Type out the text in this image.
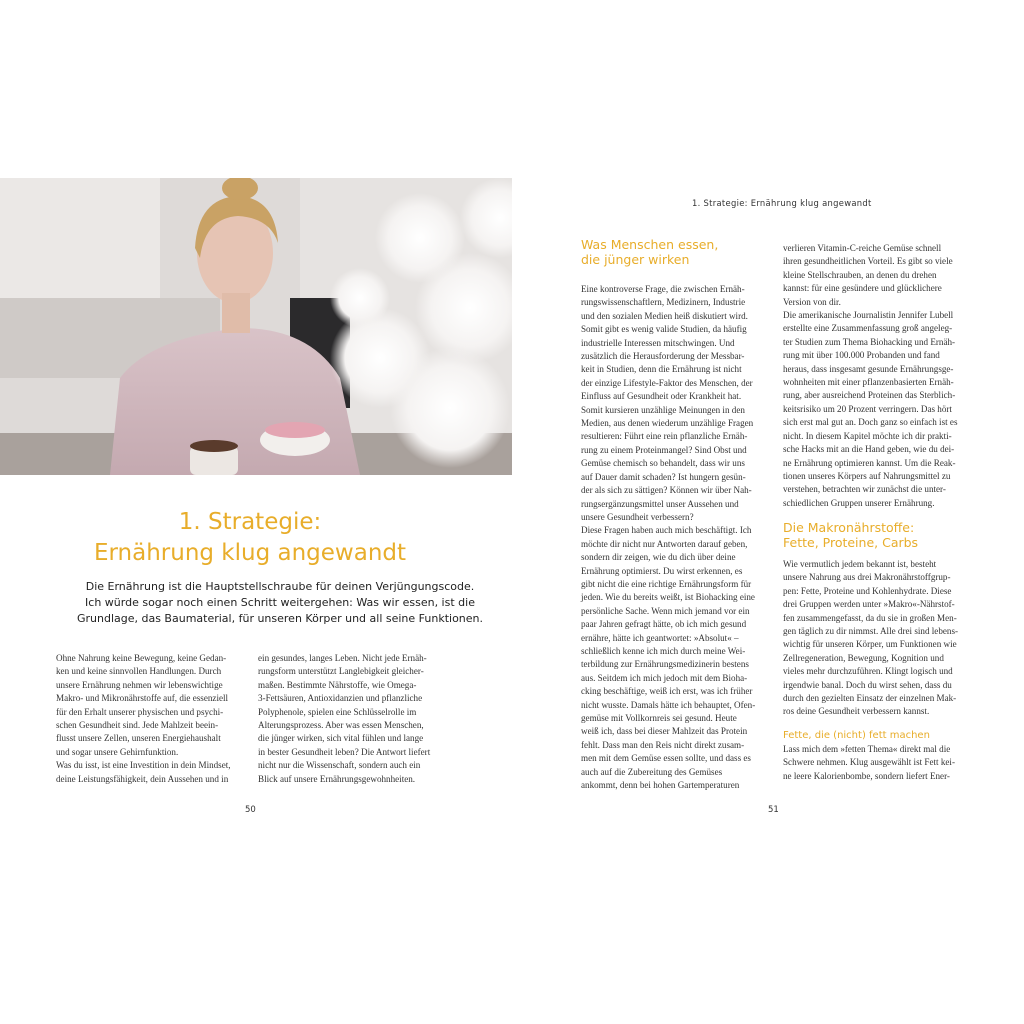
1. Strategie:
Ernährung klug angewandt
Die Ernährung ist die Hauptstellschraube für deinen Verjüngungscode.
Ich würde sogar noch einen Schritt weitergehen: Was wir essen, ist die
Grundlage, das Baumaterial, für unseren Körper und all seine Funktionen.
Ohne Nahrung keine Bewegung, keine Gedan-
ken und keine sinnvollen Handlungen. Durch
unsere Ernährung nehmen wir lebenswichtige
Makro- und Mikronährstoffe auf, die essenziell
für den Erhalt unserer physischen und psychi-
schen Gesundheit sind. Jede Mahlzeit beein-
flusst unsere Zellen, unseren Energiehaushalt
und sogar unsere Gehirnfunktion.
Was du isst, ist eine Investition in dein Mindset,
deine Leistungsfähigkeit, dein Aussehen und in
ein gesundes, langes Leben. Nicht jede Ernäh-
rungsform unterstützt Langlebigkeit gleicher-
maßen. Bestimmte Nährstoffe, wie Omega-
3-Fettsäuren, Antioxidanzien und pflanzliche
Polyphenole, spielen eine Schlüsselrolle im
Alterungsprozess. Aber was essen Menschen,
die jünger wirken, sich vital fühlen und lange
in bester Gesundheit leben? Die Antwort liefert
nicht nur die Wissenschaft, sondern auch ein
Blick auf unsere Ernährungsgewohnheiten.
50
1. Strategie: Ernährung klug angewandt
Was Menschen essen,
die jünger wirken
Eine kontroverse Frage, die zwischen Ernäh-
rungswissenschaftlern, Medizinern, Industrie
und den sozialen Medien heiß diskutiert wird.
Somit gibt es wenig valide Studien, da häufig
industrielle Interessen mitschwingen. Und
zusätzlich die Herausforderung der Messbar-
keit in Studien, denn die Ernährung ist nicht
der einzige Lifestyle-Faktor des Menschen, der
Einfluss auf Gesundheit oder Krankheit hat.
Somit kursieren unzählige Meinungen in den
Medien, aus denen wiederum unzählige Fragen
resultieren: Führt eine rein pflanzliche Ernäh-
rung zu einem Proteinmangel? Sind Obst und
Gemüse chemisch so behandelt, dass wir uns
auf Dauer damit schaden? Ist hungern gesün-
der als sich zu sättigen? Können wir über Nah-
rungsergänzungsmittel unser Aussehen und
unsere Gesundheit verbessern?
Diese Fragen haben auch mich beschäftigt. Ich
möchte dir nicht nur Antworten darauf geben,
sondern dir zeigen, wie du dich über deine
Ernährung optimierst. Du wirst erkennen, es
gibt nicht die eine richtige Ernährungsform für
jeden. Wie du bereits weißt, ist Biohacking eine
persönliche Sache. Wenn mich jemand vor ein
paar Jahren gefragt hätte, ob ich mich gesund
ernähre, hätte ich geantwortet: »Absolut« –
schließlich kenne ich mich durch meine Wei-
terbildung zur Ernährungsmedizinerin bestens
aus. Seitdem ich mich jedoch mit dem Bioha-
cking beschäftige, weiß ich erst, was ich früher
nicht wusste. Damals hätte ich behauptet, Ofen-
gemüse mit Vollkornreis sei gesund. Heute
weiß ich, dass bei dieser Mahlzeit das Protein
fehlt. Dass man den Reis nicht direkt zusam-
men mit dem Gemüse essen sollte, und dass es
auch auf die Zubereitung des Gemüses
ankommt, denn bei hohen Gartemperaturen
verlieren Vitamin-C-reiche Gemüse schnell
ihren gesundheitlichen Vorteil. Es gibt so viele
kleine Stellschrauben, an denen du drehen
kannst: für eine gesündere und glücklichere
Version von dir.
Die amerikanische Journalistin Jennifer Lubell
erstellte eine Zusammenfassung groß angeleg-
ter Studien zum Thema Biohacking und Ernäh-
rung mit über 100.000 Probanden und fand
heraus, dass insgesamt gesunde Ernährungsge-
wohnheiten mit einer pflanzenbasierten Ernäh-
rung, aber ausreichend Proteinen das Sterblich-
keitsrisiko um 20 Prozent verringern. Das hört
sich erst mal gut an. Doch ganz so einfach ist es
nicht. In diesem Kapitel möchte ich dir prakti-
sche Hacks mit an die Hand geben, wie du dei-
ne Ernährung optimieren kannst. Um die Reak-
tionen unseres Körpers auf Nahrungsmittel zu
verstehen, betrachten wir zunächst die unter-
schiedlichen Gruppen unserer Ernährung.
Die Makronährstoffe:
Fette, Proteine, Carbs
Wie vermutlich jedem bekannt ist, besteht
unsere Nahrung aus drei Makronährstoffgrup-
pen: Fette, Proteine und Kohlenhydrate. Diese
drei Gruppen werden unter »Makro«-Nährstof-
fen zusammengefasst, da du sie in großen Men-
gen täglich zu dir nimmst. Alle drei sind lebens-
wichtig für unseren Körper, um Funktionen wie
Zellregeneration, Bewegung, Kognition und
vieles mehr durchzuführen. Klingt logisch und
irgendwie banal. Doch du wirst sehen, dass du
durch den gezielten Einsatz der einzelnen Mak-
ros deine Gesundheit verbessern kannst.
Fette, die (nicht) fett machen
Lass mich dem »fetten Thema« direkt mal die
Schwere nehmen. Klug ausgewählt ist Fett kei-
ne leere Kalorienbombe, sondern liefert Ener-
51
